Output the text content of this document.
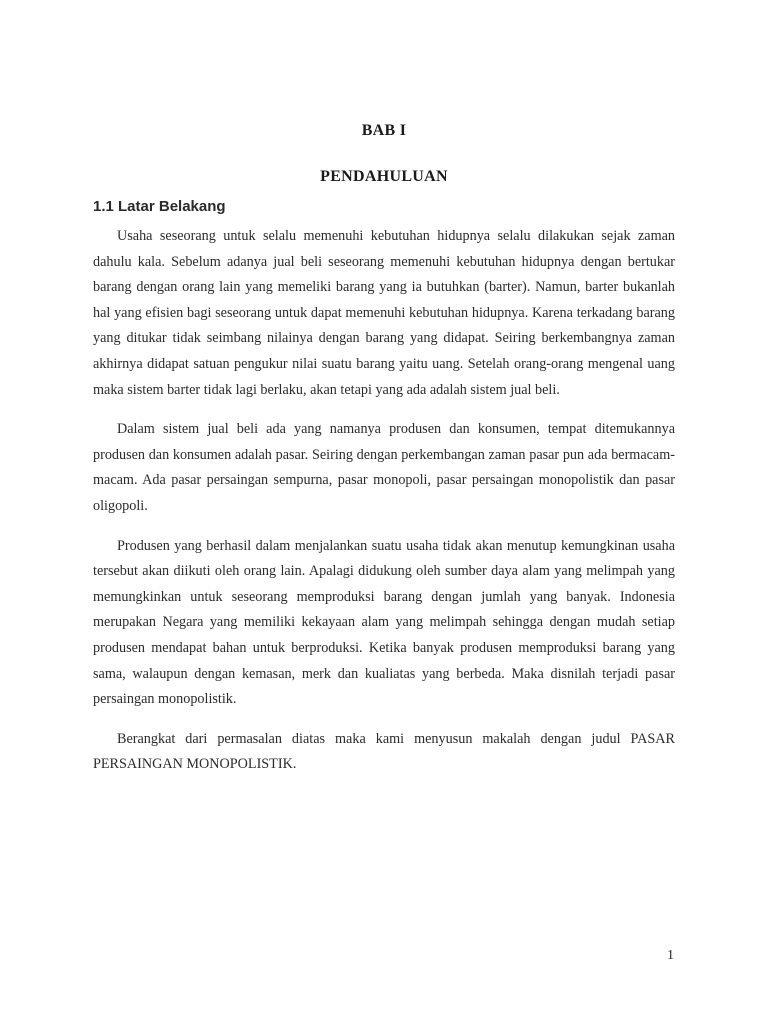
BAB I
PENDAHULUAN
1.1 Latar Belakang

Usaha seseorang untuk selalu memenuhi kebutuhan hidupnya selalu dilakukan sejak zaman dahulu kala. Sebelum adanya jual beli seseorang memenuhi kebutuhan hidupnya dengan bertukar barang dengan orang lain yang memeliki barang yang ia butuhkan (barter). Namun, barter bukanlah hal yang efisien bagi seseorang untuk dapat memenuhi kebutuhan hidupnya. Karena terkadang barang yang ditukar tidak seimbang nilainya dengan barang yang didapat. Seiring berkembangnya zaman akhirnya didapat satuan pengukur nilai suatu barang yaitu uang. Setelah orang-orang mengenal uang maka sistem barter tidak lagi berlaku, akan tetapi yang ada adalah sistem jual beli.

Dalam sistem jual beli ada yang namanya produsen dan konsumen, tempat ditemukannya produsen dan konsumen adalah pasar. Seiring dengan perkembangan zaman pasar pun ada bermacam-macam. Ada pasar persaingan sempurna, pasar monopoli, pasar persaingan monopolistik dan pasar oligopoli.

Produsen yang berhasil dalam menjalankan suatu usaha tidak akan menutup kemungkinan usaha tersebut akan diikuti oleh orang lain. Apalagi didukung oleh sumber daya alam yang melimpah yang memungkinkan untuk seseorang memproduksi barang dengan jumlah yang banyak. Indonesia merupakan Negara yang memiliki kekayaan alam yang melimpah sehingga dengan mudah setiap produsen mendapat bahan untuk berproduksi. Ketika banyak produsen memproduksi barang yang sama, walaupun dengan kemasan, merk dan kualiatas yang berbeda. Maka disnilah terjadi pasar persaingan monopolistik.

Berangkat dari permasalan diatas maka kami menyusun makalah dengan judul PASAR PERSAINGAN MONOPOLISTIK.

1
